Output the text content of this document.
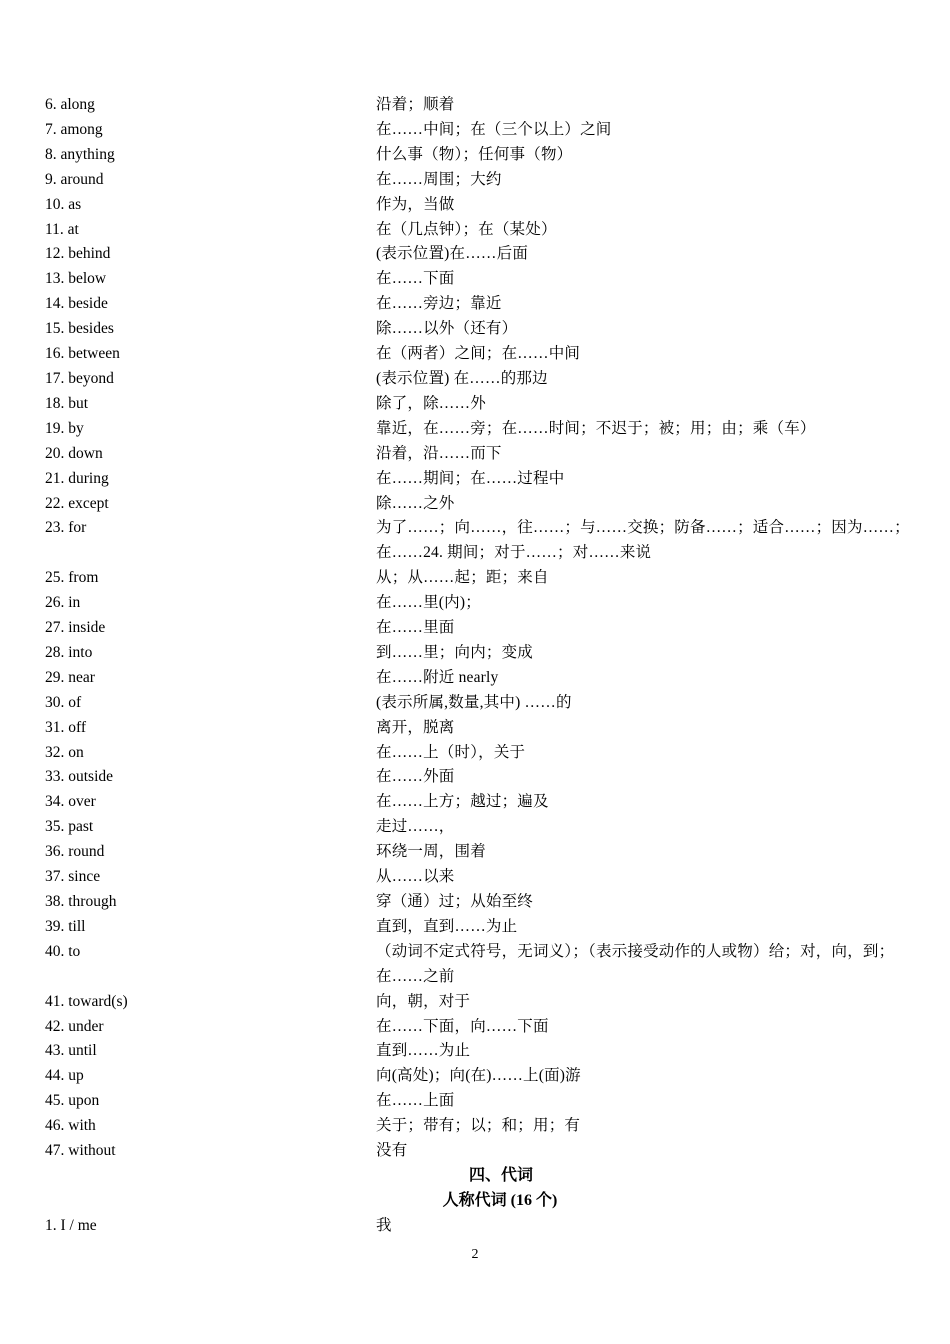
6. along	沿着；顺着
7. among	在……中间；在（三个以上）之间
8. anything	什么事（物）；任何事（物）
9. around	在……周围；大约
10. as	作为，当做
11. at	在（几点钟）；在（某处）
12. behind	(表示位置)在……后面
13. below	在……下面
14. beside	在……旁边；靠近
15. besides	除……以外（还有）
16. between	在（两者）之间；在……中间
17. beyond	(表示位置) 在……的那边
18. but	除了，除……外
19. by	靠近，在……旁；在……时间；不迟于；被；用；由；乘（车）
20. down	沿着，沿……而下
21. during	在……期间；在……过程中
22. except	除……之外
23. for	为了……；向……，往……；与……交换；防备……；适合……；因为……；在……24. 期间；对于……；对……来说
25. from	从；从……起；距；来自
26. in	在……里(内)；
27. inside	在……里面
28. into	到……里；向内；变成
29. near	在……附近 nearly
30. of	(表示所属,数量,其中) ……的
31. off	离开，脱离
32. on	在……上（时），关于
33. outside	在……外面
34. over	在……上方；越过；遍及
35. past	走过……，
36. round	环绕一周，围着
37. since	从……以来
38. through	穿（通）过；从始至终
39. till	直到，直到……为止
40. to	（动词不定式符号，无词义）；（表示接受动作的人或物）给；对，向，到；在……之前
41. toward(s)	向，朝，对于
42. under	在……下面，向……下面
43. until	直到……为止
44. up	向(高处)；向(在)……上(面)游
45. upon	在……上面
46. with	关于；带有；以；和；用；有
47. without	没有
四、代词
人称代词 (16 个)
1. I / me	我
2
